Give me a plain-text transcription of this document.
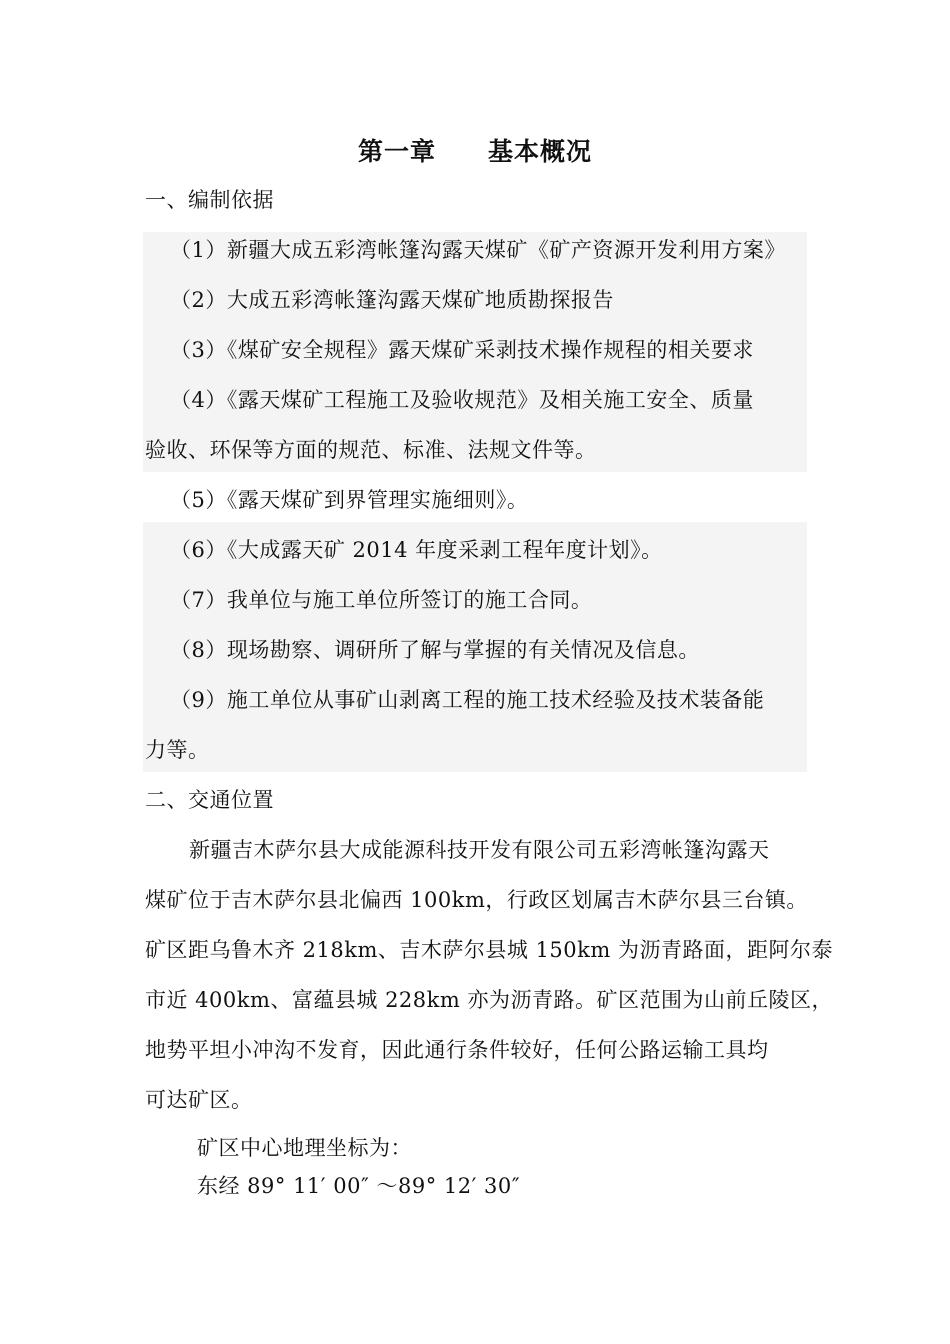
第一章　　基本概况
一、编制依据
（1）新疆大成五彩湾帐篷沟露天煤矿《矿产资源开发利用方案》
（2）大成五彩湾帐篷沟露天煤矿地质勘探报告
（3）《煤矿安全规程》露天煤矿采剥技术操作规程的相关要求
（4）《露天煤矿工程施工及验收规范》及相关施工安全、质量
验收、环保等方面的规范、标准、法规文件等。
（5）《露天煤矿到界管理实施细则》。
（6）《大成露天矿 2014 年度采剥工程年度计划》。
（7）我单位与施工单位所签订的施工合同。
（8）现场勘察、调研所了解与掌握的有关情况及信息。
（9）施工单位从事矿山剥离工程的施工技术经验及技术装备能
力等。
二、交通位置
新疆吉木萨尔县大成能源科技开发有限公司五彩湾帐篷沟露天
煤矿位于吉木萨尔县北偏西 100km，行政区划属吉木萨尔县三台镇。
矿区距乌鲁木齐 218km、吉木萨尔县城 150km 为沥青路面，距阿尔泰
市近 400km、富蕴县城 228km 亦为沥青路。矿区范围为山前丘陵区，
地势平坦小冲沟不发育，因此通行条件较好，任何公路运输工具均
可达矿区。
矿区中心地理坐标为：
东经 89° 11′ 00″ ～89° 12′ 30″
